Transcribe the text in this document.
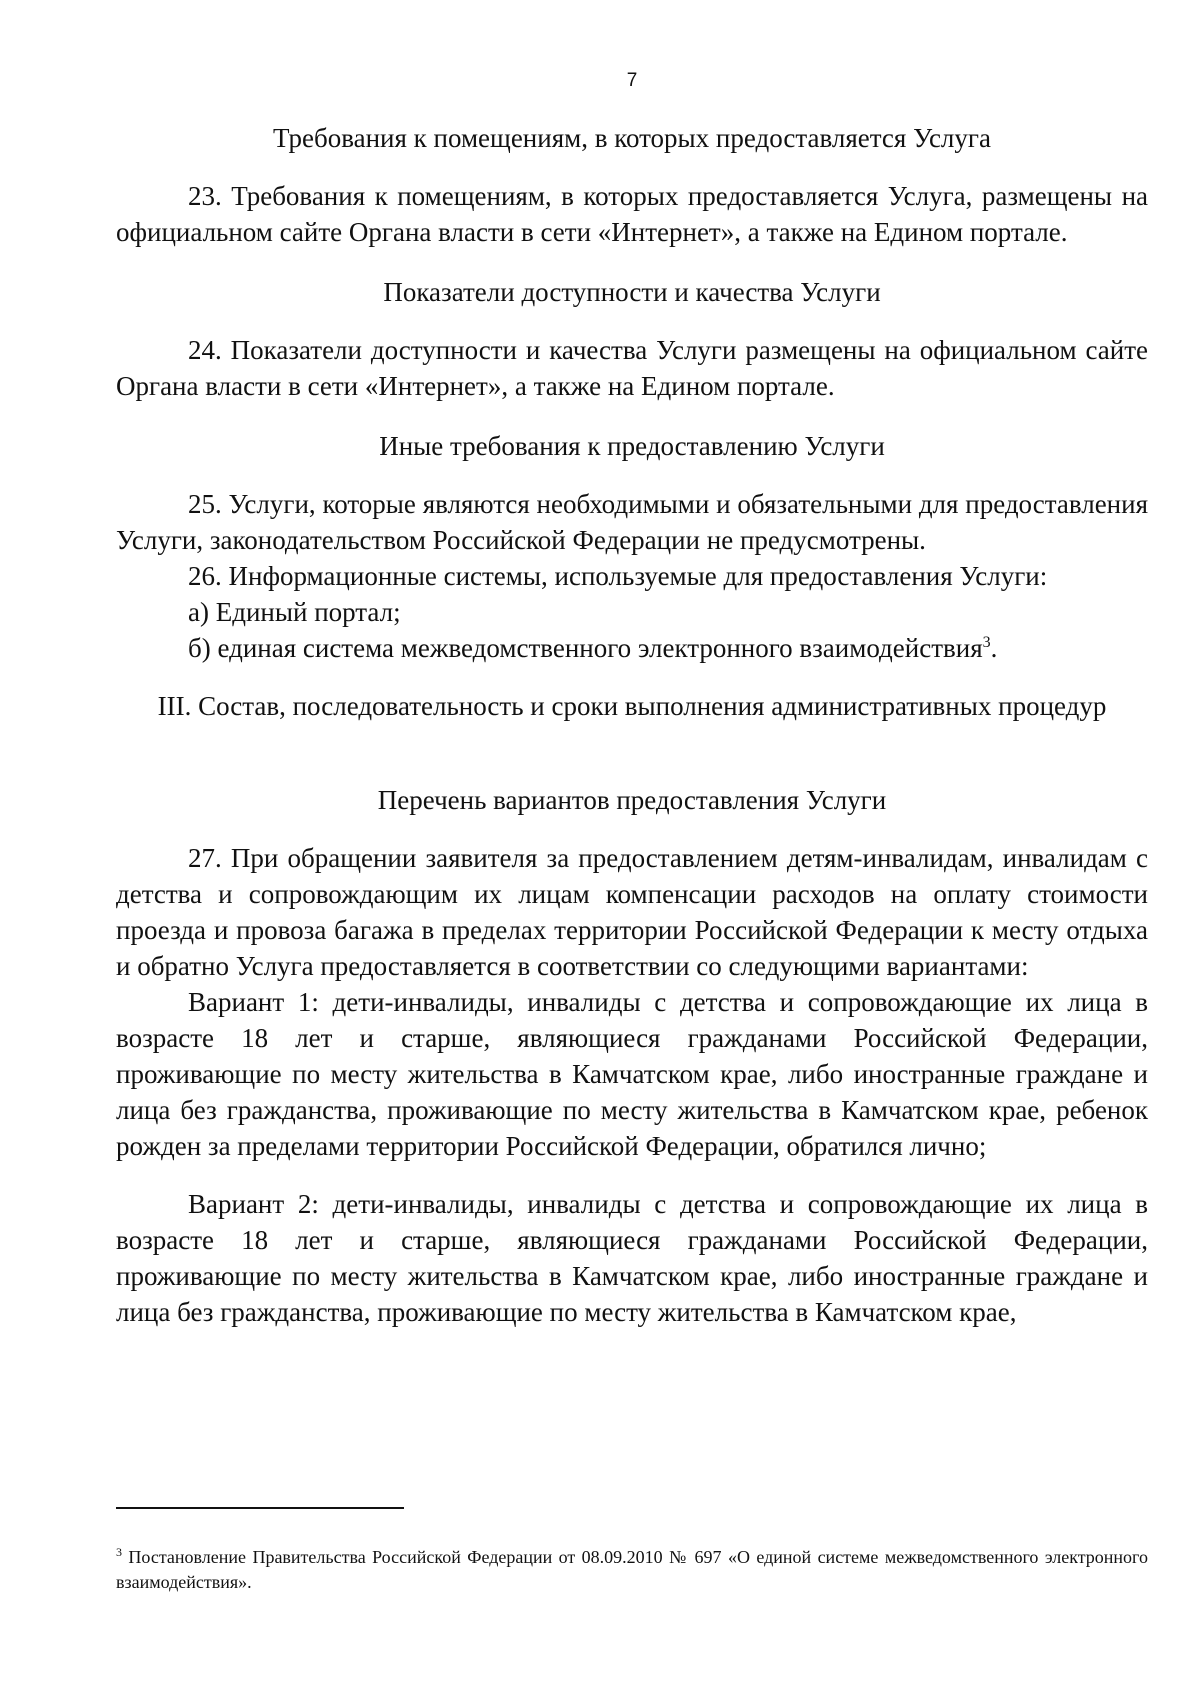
7

Требования к помещениям, в которых предоставляется Услуга

23. Требования к помещениям, в которых предоставляется Услуга, размещены на официальном сайте Органа власти в сети «Интернет», а также на Едином портале.

Показатели доступности и качества Услуги

24. Показатели доступности и качества Услуги размещены на официальном сайте Органа власти в сети «Интернет», а также на Едином портале.

Иные требования к предоставлению Услуги

25. Услуги, которые являются необходимыми и обязательными для предоставления Услуги, законодательством Российской Федерации не предусмотрены.

26. Информационные системы, используемые для предоставления Услуги:

а) Единый портал;

б) единая система межведомственного электронного взаимодействия$^3$.

III. Состав, последовательность и сроки выполнения административных процедур

Перечень вариантов предоставления Услуги

27. При обращении заявителя за предоставлением детям-инвалидам, инвалидам с детства и сопровождающим их лицам компенсации расходов на оплату стоимости проезда и провоза багажа в пределах территории Российской Федерации к месту отдыха и обратно Услуга предоставляется в соответствии со следующими вариантами:

Вариант 1: дети-инвалиды, инвалиды с детства и сопровождающие их лица в возрасте 18 лет и старше, являющиеся гражданами Российской Федерации, проживающие по месту жительства в Камчатском крае, либо иностранные граждане и лица без гражданства, проживающие по месту жительства в Камчатском крае, ребенок рожден за пределами территории Российской Федерации, обратился лично;

Вариант 2: дети-инвалиды, инвалиды с детства и сопровождающие их лица в возрасте 18 лет и старше, являющиеся гражданами Российской Федерации, проживающие по месту жительства в Камчатском крае, либо иностранные граждане и лица без гражданства, проживающие по месту жительства в Камчатском крае,

$^3$ Постановление Правительства Российской Федерации от 08.09.2010 № 697 «О единой системе межведомственного электронного взаимодействия».
